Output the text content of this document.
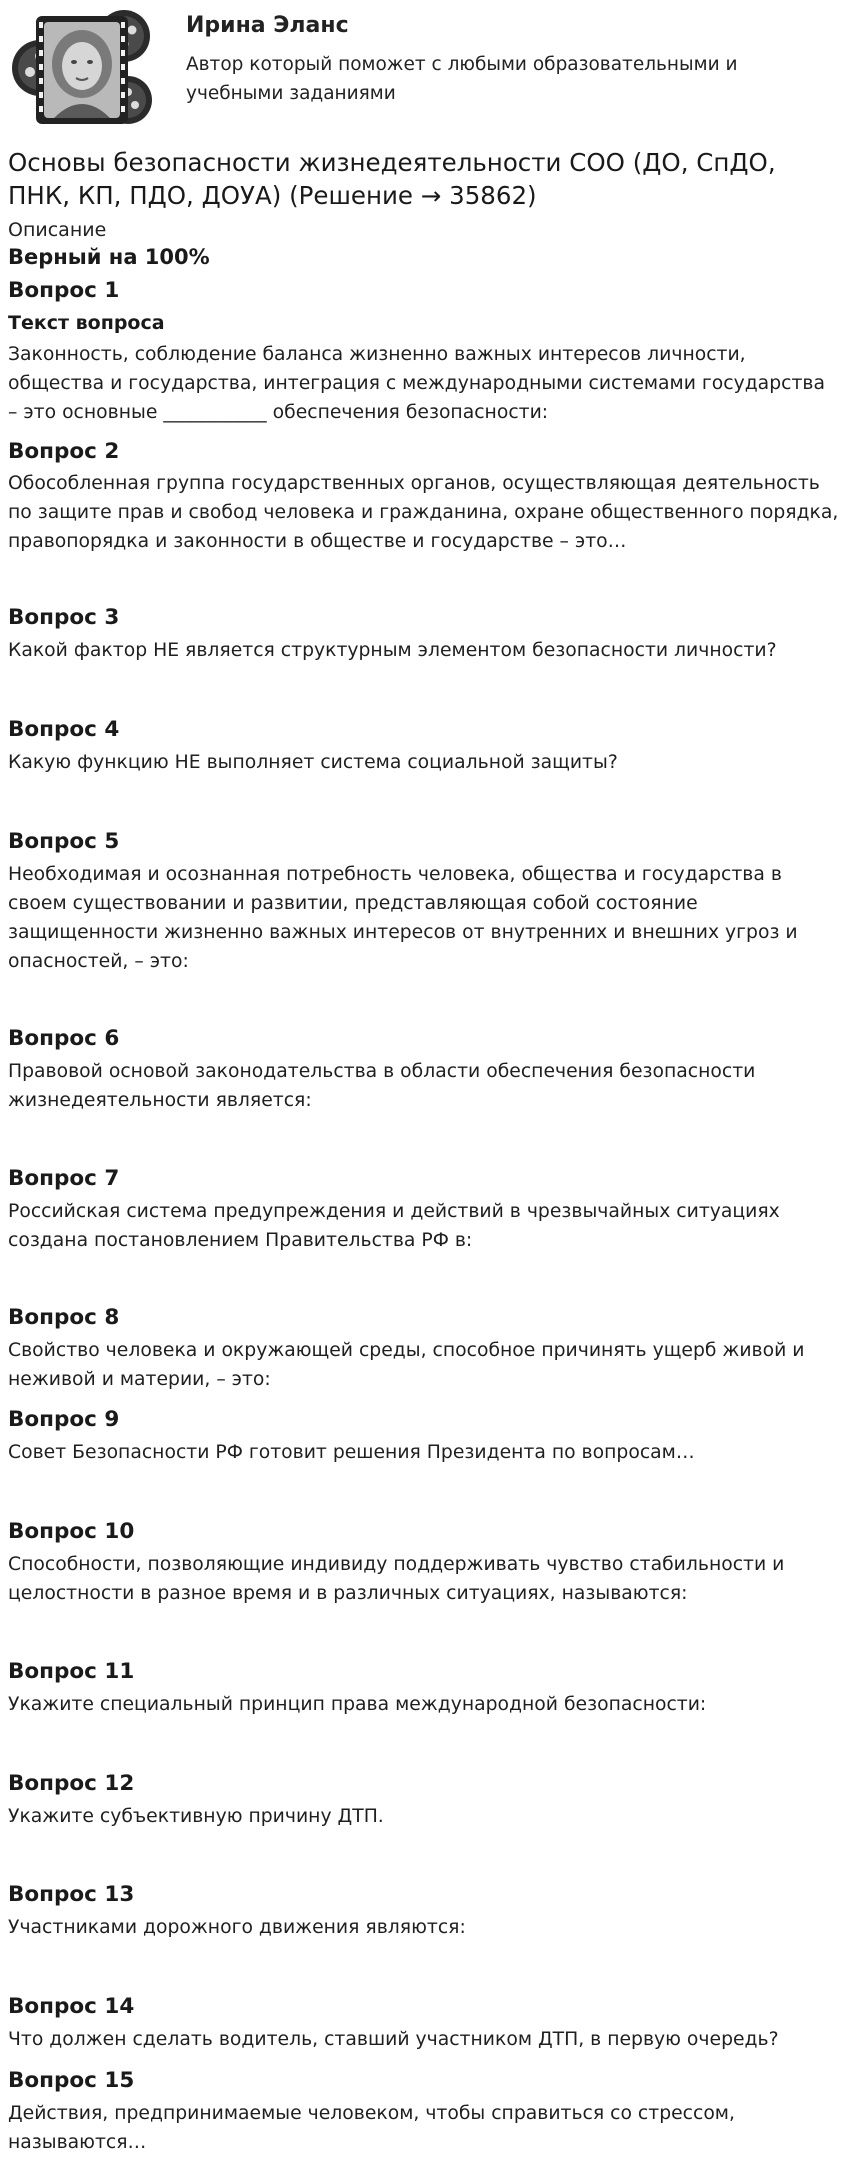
Ирина Эланс
Автор который поможет с любыми образовательными и учебными заданиями
Основы безопасности жизнедеятельности СОО (ДО, СпДО, ПНК, КП, ПДО, ДОУА) (Решение → 35862)
Описание
Верный на 100%
Вопрос 1
Текст вопроса
Законность, соблюдение баланса жизненно важных интересов личности, общества и государства, интеграция с международными системами государства – это основные ___________ обеспечения безопасности:
Вопрос 2
Обособленная группа государственных органов, осуществляющая деятельность по защите прав и свобод человека и гражданина, охране общественного порядка, правопорядка и законности в обществе и государстве – это…
Вопрос 3
Какой фактор НЕ является структурным элементом безопасности личности?
Вопрос 4
Какую функцию НЕ выполняет система социальной защиты?
Вопрос 5
Необходимая и осознанная потребность человека, общества и государства в своем существовании и развитии, представляющая собой состояние защищенности жизненно важных интересов от внутренних и внешних угроз и опасностей, – это:
Вопрос 6
Правовой основой законодательства в области обеспечения безопасности жизнедеятельности является:
Вопрос 7
Российская система предупреждения и действий в чрезвычайных ситуациях создана постановлением Правительства РФ в:
Вопрос 8
Свойство человека и окружающей среды, способное причинять ущерб живой и неживой и материи, – это:
Вопрос 9
Совет Безопасности РФ готовит решения Президента по вопросам…
Вопрос 10
Способности, позволяющие индивиду поддерживать чувство стабильности и целостности в разное время и в различных ситуациях, называются:
Вопрос 11
Укажите специальный принцип права международной безопасности:
Вопрос 12
Укажите субъективную причину ДТП.
Вопрос 13
Участниками дорожного движения являются:
Вопрос 14
Что должен сделать водитель, ставший участником ДТП, в первую очередь?
Вопрос 15
Действия, предпринимаемые человеком, чтобы справиться со стрессом, называются…
